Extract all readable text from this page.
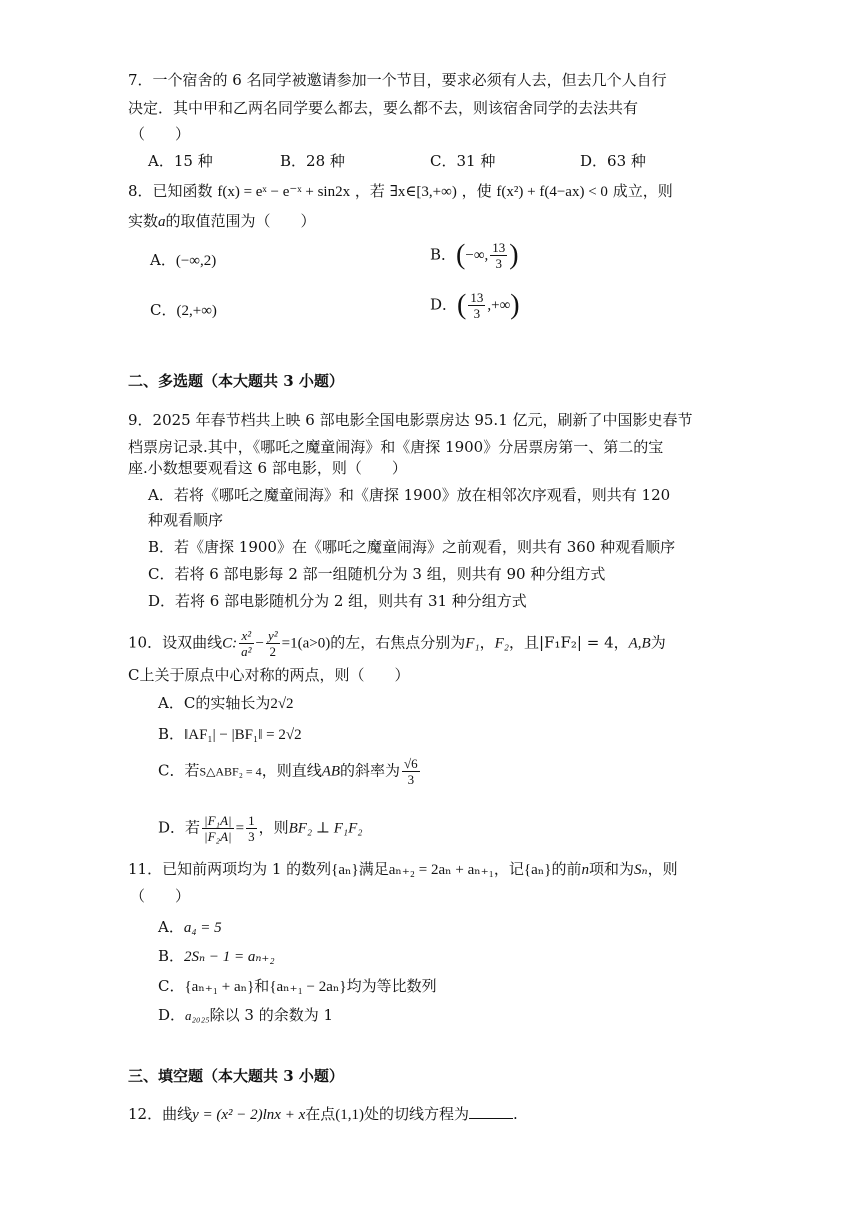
7．一个宿舍的 6 名同学被邀请参加一个节目，要求必须有人去，但去几个人自行
决定．其中甲和乙两名同学要么都去，要么都不去，则该宿舍同学的去法共有
（　　）
A．15 种	B．28 种	C．31 种	D．63 种
8．已知函数 f(x) = eˣ − e⁻ˣ + sin2x ，若 ∃x∈[3,+∞) ，使 f(x²) + f(4−ax) < 0 成立，则
实数a的取值范围为（　　）
A．(−∞,2)	B．(−∞, $\frac{13}{3}$ )
C．(2,+∞)	D．( $\frac{13}{3}$ ,+∞)
二、多选题（本大题共 3 小题）
9．2025 年春节档共上映 6 部电影全国电影票房达 95.1 亿元，刷新了中国影史春节
档票房记录.其中，《哪吒之魔童闹海》和《唐探 1900》分居票房第一、第二的宝
座.小数想要观看这 6 部电影，则（　　）
A．若将《哪吒之魔童闹海》和《唐探 1900》放在相邻次序观看，则共有 120
种观看顺序
B．若《唐探 1900》在《哪吒之魔童闹海》之前观看，则共有 360 种观看顺序
C．若将 6 部电影每 2 部一组随机分为 3 组，则共有 90 种分组方式
D．若将 6 部电影随机分为 2 组，则共有 31 种分组方式
10．设双曲线C: $\frac{\text{x²}}{\text{a²}} - \frac{\text{y²}}{2} =1(a>0)$的左，右焦点分别为F₁，F₂，且|F₁F₂| = 4，A,B为
C上关于原点中心对称的两点，则（　　）
A．C的实轴长为2√2
B．‖AF₁| − |BF₁‖ = 2√2
C．若S△ABF₂ = 4，则直线AB的斜率为 $\frac{√6}{3}$
D．若 $\frac{\text{|F₁A|}}{\text{|F₂A|}} = \frac{1}{3}$ ，则BF₂ ⊥ F₁F₂
11．已知前两项均为 1 的数列{aₙ}满足aₙ₊₂ = 2aₙ + aₙ₊₁，记{aₙ}的前n项和为Sₙ，则
（　　）
A．a₄ = 5
B．2Sₙ − 1 = aₙ₊₂
C．{aₙ₊₁ + aₙ}和{aₙ₊₁ − 2aₙ}均为等比数列
D．a₂₀₂₅除以 3 的余数为 1
三、填空题（本大题共 3 小题）
12．曲线y = (x² − 2)lnx + x在点(1,1)处的切线方程为	.
